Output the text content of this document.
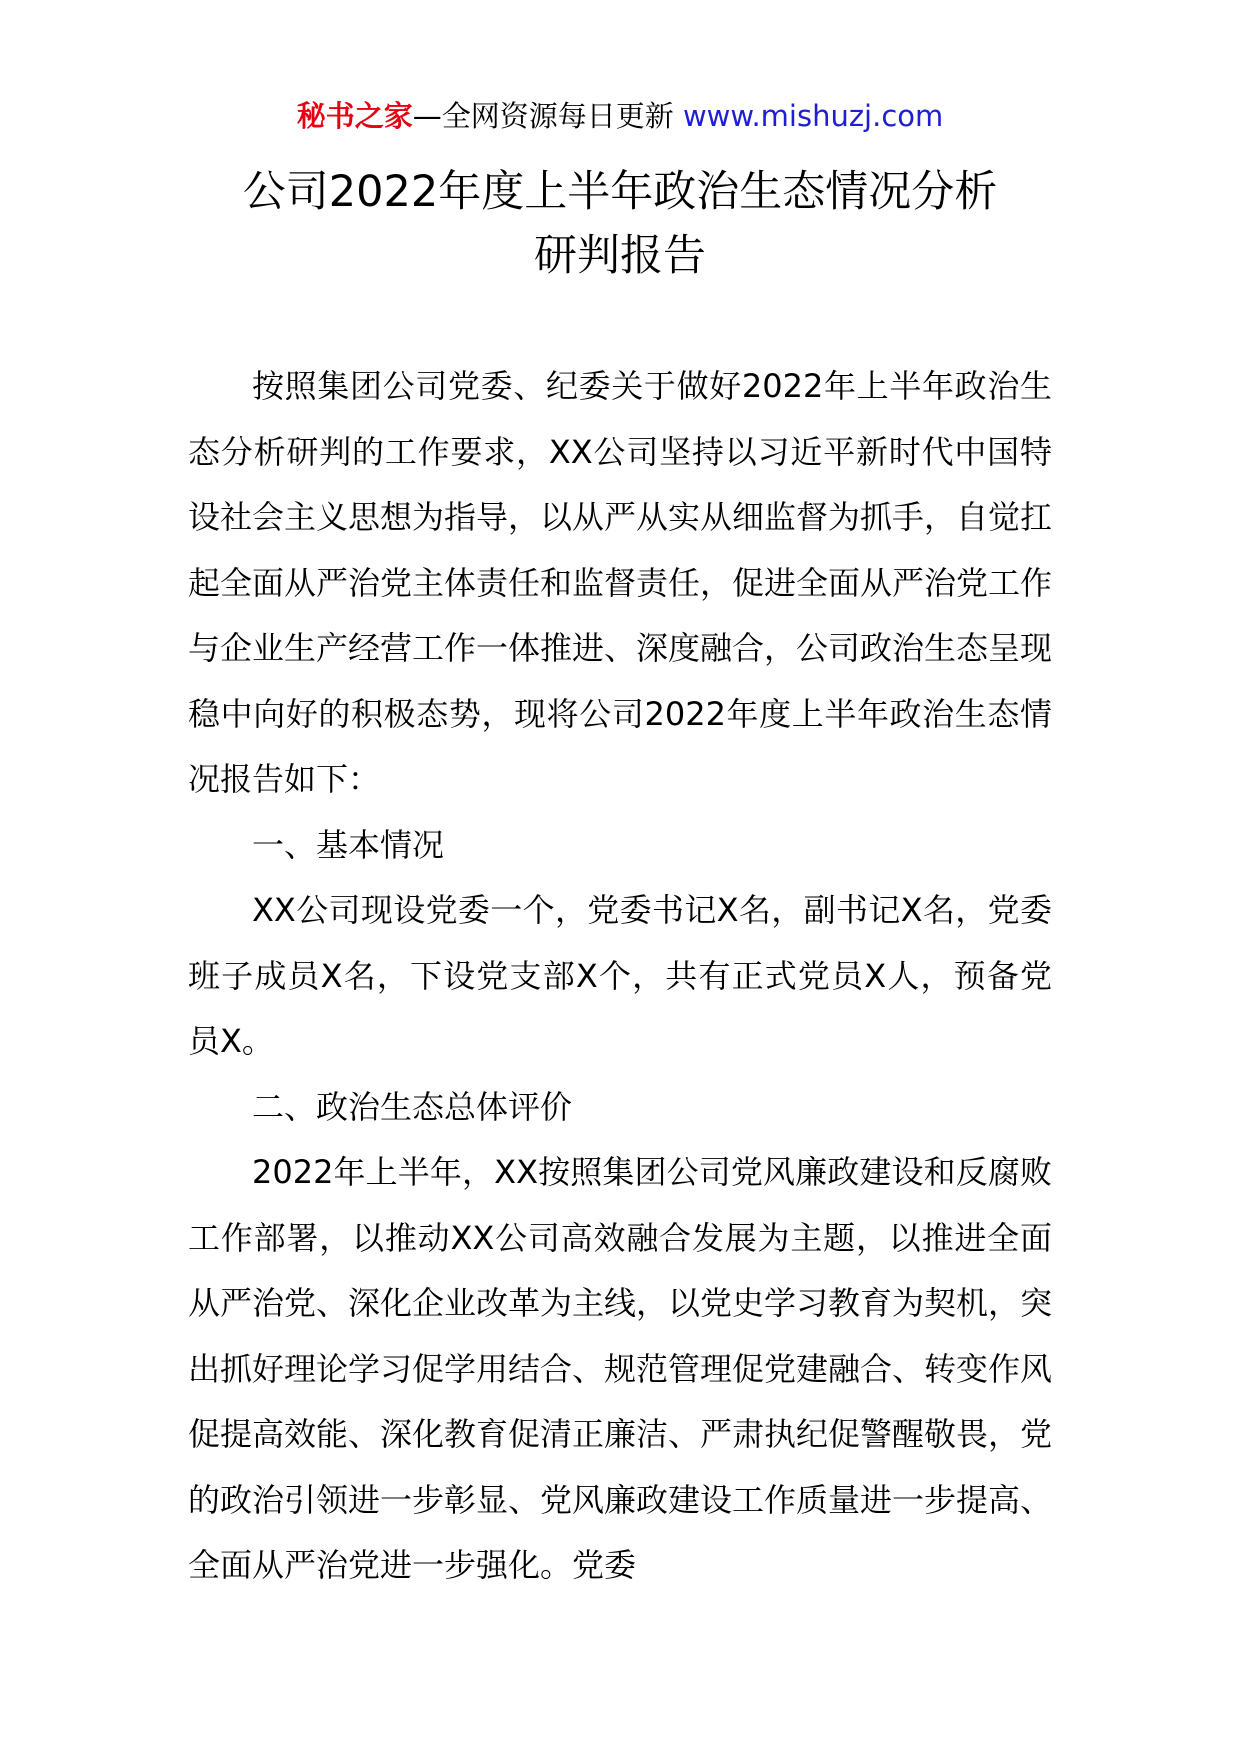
秘书之家—全网资源每日更新 www.mishuzj.com
公司2022年度上半年政治生态情况分析
研判报告

按照集团公司党委、纪委关于做好2022年上半年政治生态分析研判的工作要求，XX公司坚持以习近平新时代中国特设社会主义思想为指导，以从严从实从细监督为抓手，自觉扛起全面从严治党主体责任和监督责任，促进全面从严治党工作与企业生产经营工作一体推进、深度融合，公司政治生态呈现稳中向好的积极态势，现将公司2022年度上半年政治生态情况报告如下：

一、基本情况

XX公司现设党委一个，党委书记X名，副书记X名，党委班子成员X名，下设党支部X个，共有正式党员X人，预备党员X。

二、政治生态总体评价

2022年上半年，XX按照集团公司党风廉政建设和反腐败工作部署，以推动XX公司高效融合发展为主题，以推进全面从严治党、深化企业改革为主线，以党史学习教育为契机，突出抓好理论学习促学用结合、规范管理促党建融合、转变作风促提高效能、深化教育促清正廉洁、严肃执纪促警醒敬畏，党的政治引领进一步彰显、党风廉政建设工作质量进一步提高、全面从严治党进一步强化。党委
